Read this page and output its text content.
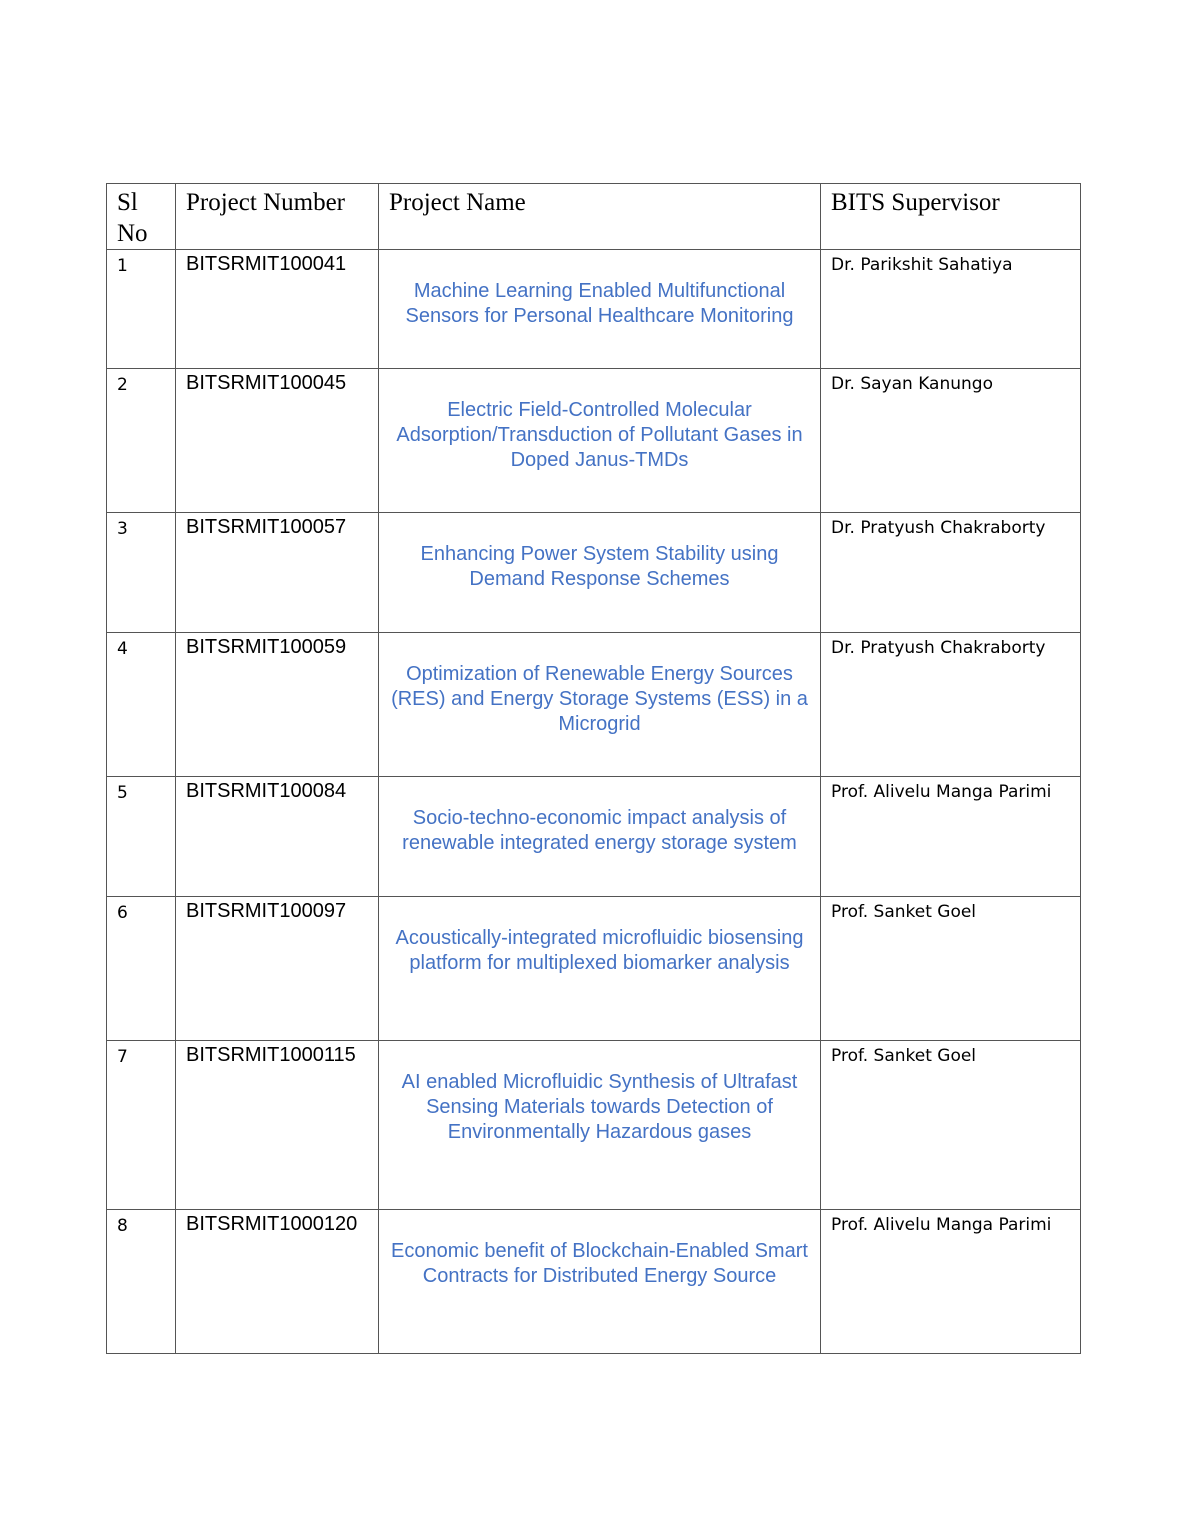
Sl No	Project Number	Project Name	BITS Supervisor
1	BITSRMIT100041	Machine Learning Enabled Multifunctional Sensors for Personal Healthcare Monitoring	Dr. Parikshit Sahatiya
2	BITSRMIT100045	Electric Field-Controlled Molecular Adsorption/Transduction of Pollutant Gases in Doped Janus-TMDs	Dr. Sayan Kanungo
3	BITSRMIT100057	Enhancing Power System Stability using Demand Response Schemes	Dr. Pratyush Chakraborty
4	BITSRMIT100059	Optimization of Renewable Energy Sources (RES) and Energy Storage Systems (ESS) in a Microgrid	Dr. Pratyush Chakraborty
5	BITSRMIT100084	Socio-techno-economic impact analysis of renewable integrated energy storage system	Prof. Alivelu Manga Parimi
6	BITSRMIT100097	Acoustically-integrated microfluidic biosensing platform for multiplexed biomarker analysis	Prof. Sanket Goel
7	BITSRMIT1000115	AI enabled Microfluidic Synthesis of Ultrafast Sensing Materials towards Detection of Environmentally Hazardous gases	Prof. Sanket Goel
8	BITSRMIT1000120	Economic benefit of Blockchain-Enabled Smart Contracts for Distributed Energy Source	Prof. Alivelu Manga Parimi
